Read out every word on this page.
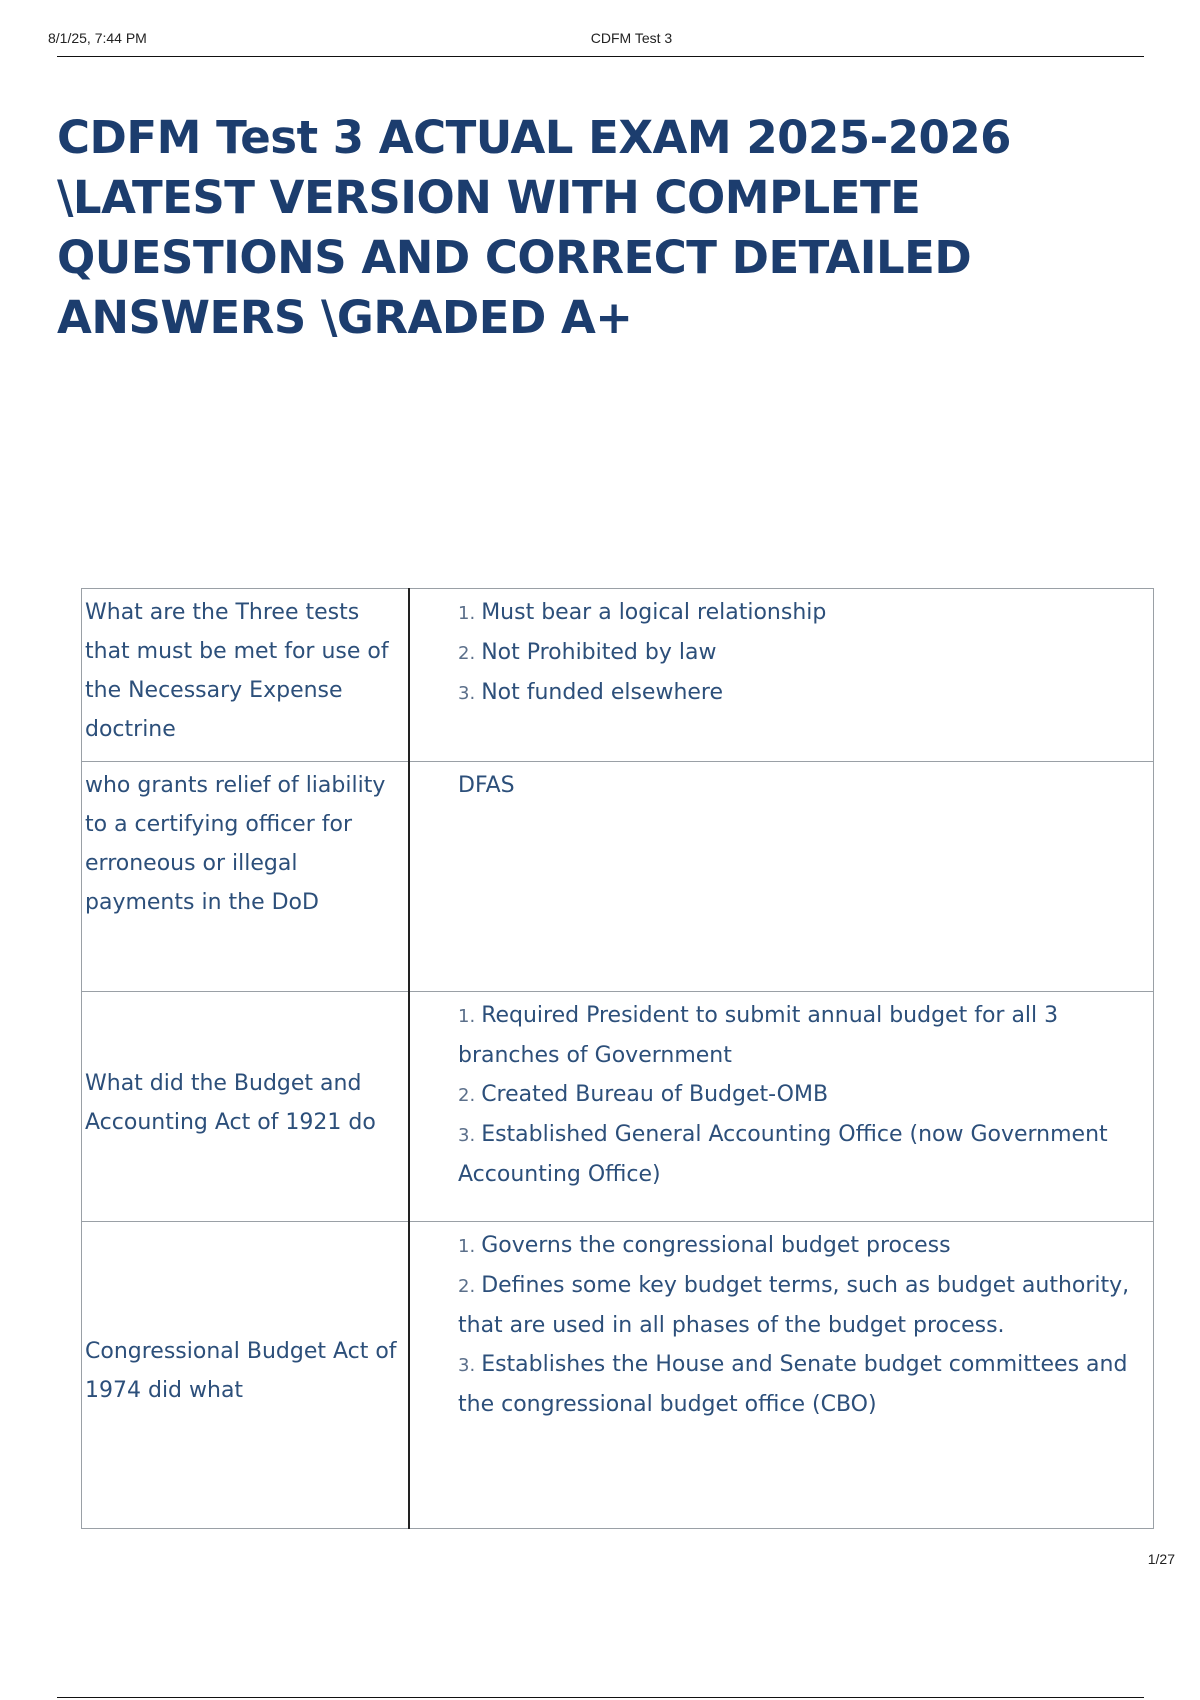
8/1/25, 7:44 PM	CDFM Test 3
CDFM Test 3 ACTUAL EXAM 2025-2026 \LATEST VERSION WITH COMPLETE QUESTIONS AND CORRECT DETAILED ANSWERS \GRADED A+
What are the Three tests that must be met for use of the Necessary Expense doctrine	1. Must bear a logical relationship
2. Not Prohibited by law
3. Not funded elsewhere

who grants relief of liability to a certifying officer for erroneous or illegal payments in the DoD	DFAS

What did the Budget and Accounting Act of 1921 do	1. Required President to submit annual budget for all 3 branches of Government
2. Created Bureau of Budget-OMB
3. Established General Accounting Office (now Government Accounting Office)

Congressional Budget Act of 1974 did what	1. Governs the congressional budget process
2. Defines some key budget terms, such as budget authority, that are used in all phases of the budget process.
3. Establishes the House and Senate budget committees and the congressional budget office (CBO)
1/27
